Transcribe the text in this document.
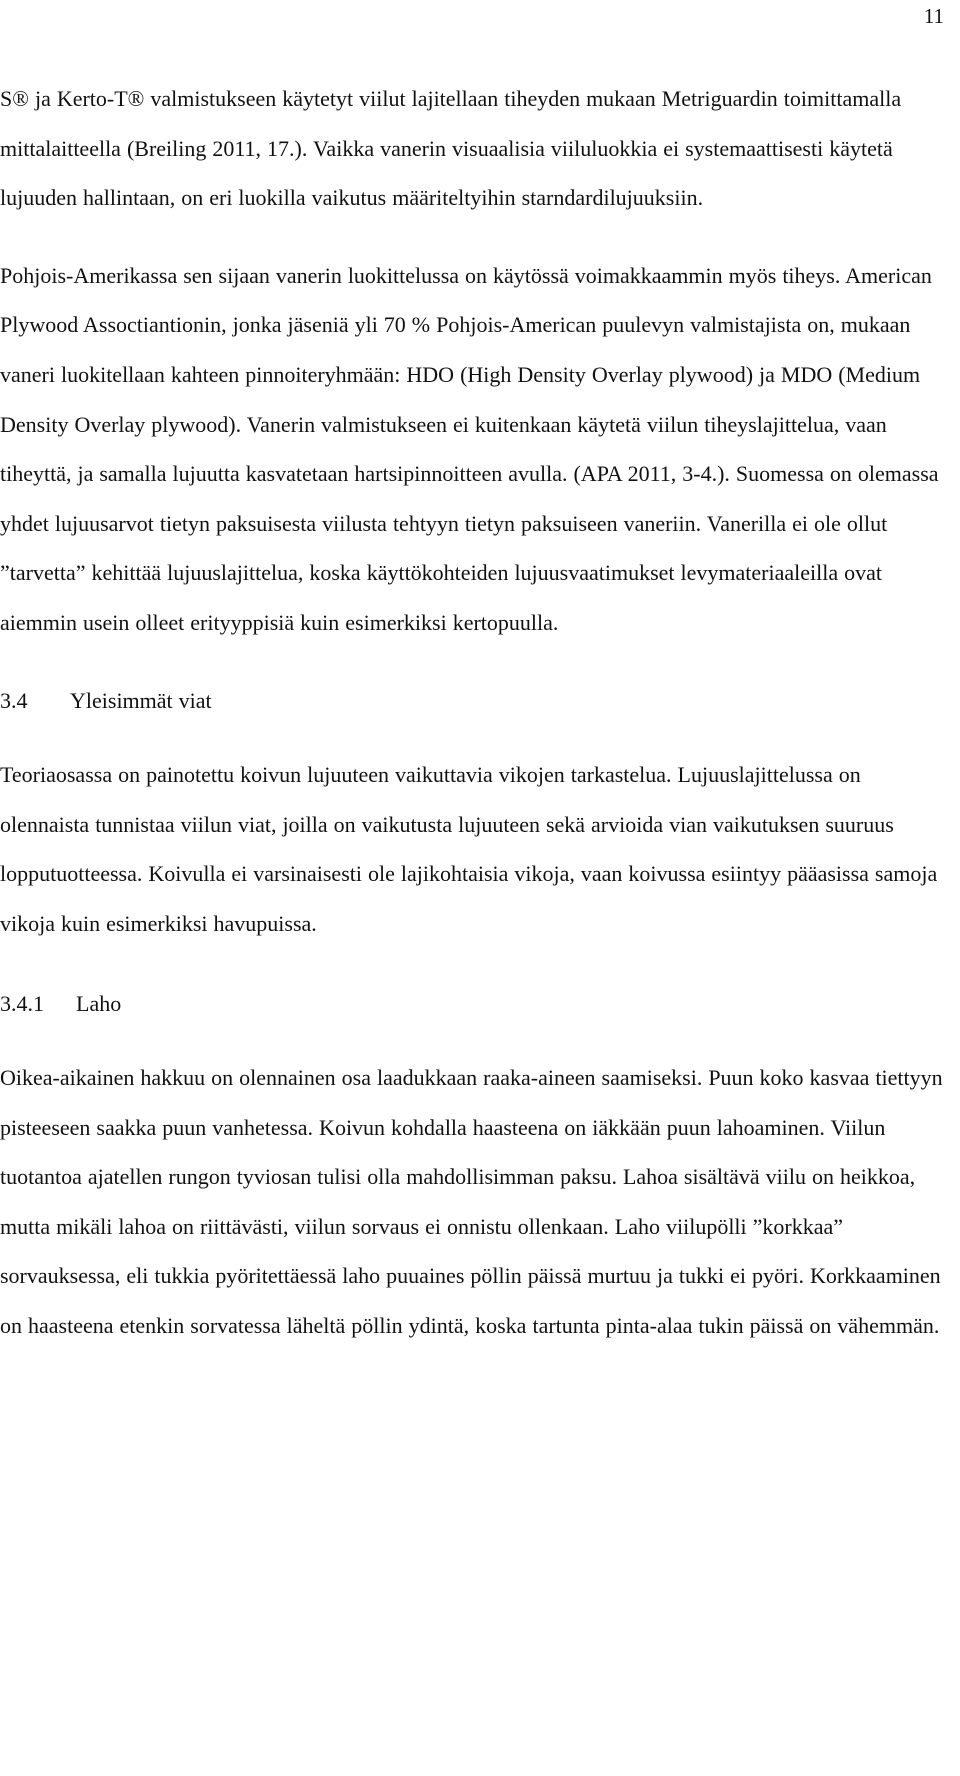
11

S® ja Kerto-T® valmistukseen käytetyt viilut lajitellaan tiheyden mukaan Metriguardin toimittamalla mittalaitteella (Breiling 2011, 17.). Vaikka vanerin visuaalisia viiluluokkia ei systemaattisesti käytetä lujuuden hallintaan, on eri luokilla vaikutus määriteltyihin starndardilujuuksiin.

Pohjois-Amerikassa sen sijaan vanerin luokittelussa on käytössä voimakkaammin myös tiheys. American Plywood Assoctiantionin, jonka jäseniä yli 70 % Pohjois-American puulevyn valmistajista on, mukaan vaneri luokitellaan kahteen pinnoiteryhmään: HDO (High Density Overlay plywood) ja MDO (Medium Density Overlay plywood). Vanerin valmistukseen ei kuitenkaan käytetä viilun tiheyslajittelua, vaan tiheyttä, ja samalla lujuutta kasvatetaan hartsipinnoitteen avulla. (APA 2011, 3-4.). Suomessa on olemassa yhdet lujuusarvot tietyn paksuisesta viilusta tehtyyn tietyn paksuiseen vaneriin. Vanerilla ei ole ollut ”tarvetta” kehittää lujuuslajittelua, koska käyttökohteiden lujuusvaatimukset levymateriaaleilla ovat aiemmin usein olleet erityyppisiä kuin esimerkiksi kertopuulla.

3.4	Yleisimmät viat

Teoriaosassa on painotettu koivun lujuuteen vaikuttavia vikojen tarkastelua. Lujuuslajittelussa on olennaista tunnistaa viilun viat, joilla on vaikutusta lujuuteen sekä arvioida vian vaikutuksen suuruus lopputuotteessa. Koivulla ei varsinaisesti ole lajikohtaisia vikoja, vaan koivussa esiintyy pääasissa samoja vikoja kuin esimerkiksi havupuissa.

3.4.1	Laho

Oikea-aikainen hakkuu on olennainen osa laadukkaan raaka-aineen saamiseksi. Puun koko kasvaa tiettyyn pisteeseen saakka puun vanhetessa. Koivun kohdalla haasteena on iäkkään puun lahoaminen. Viilun tuotantoa ajatellen rungon tyviosan tulisi olla mahdollisimman paksu. Lahoa sisältävä viilu on heikkoa, mutta mikäli lahoa on riittävästi, viilun sorvaus ei onnistu ollenkaan. Laho viilupölli ”korkkaa” sorvauksessa, eli tukkia pyöritettäessä laho puuaines pöllin päissä murtuu ja tukki ei pyöri. Korkkaaminen on haasteena etenkin sorvatessa läheltä pöllin ydintä, koska tartunta pinta-alaa tukin päissä on vähemmän.
